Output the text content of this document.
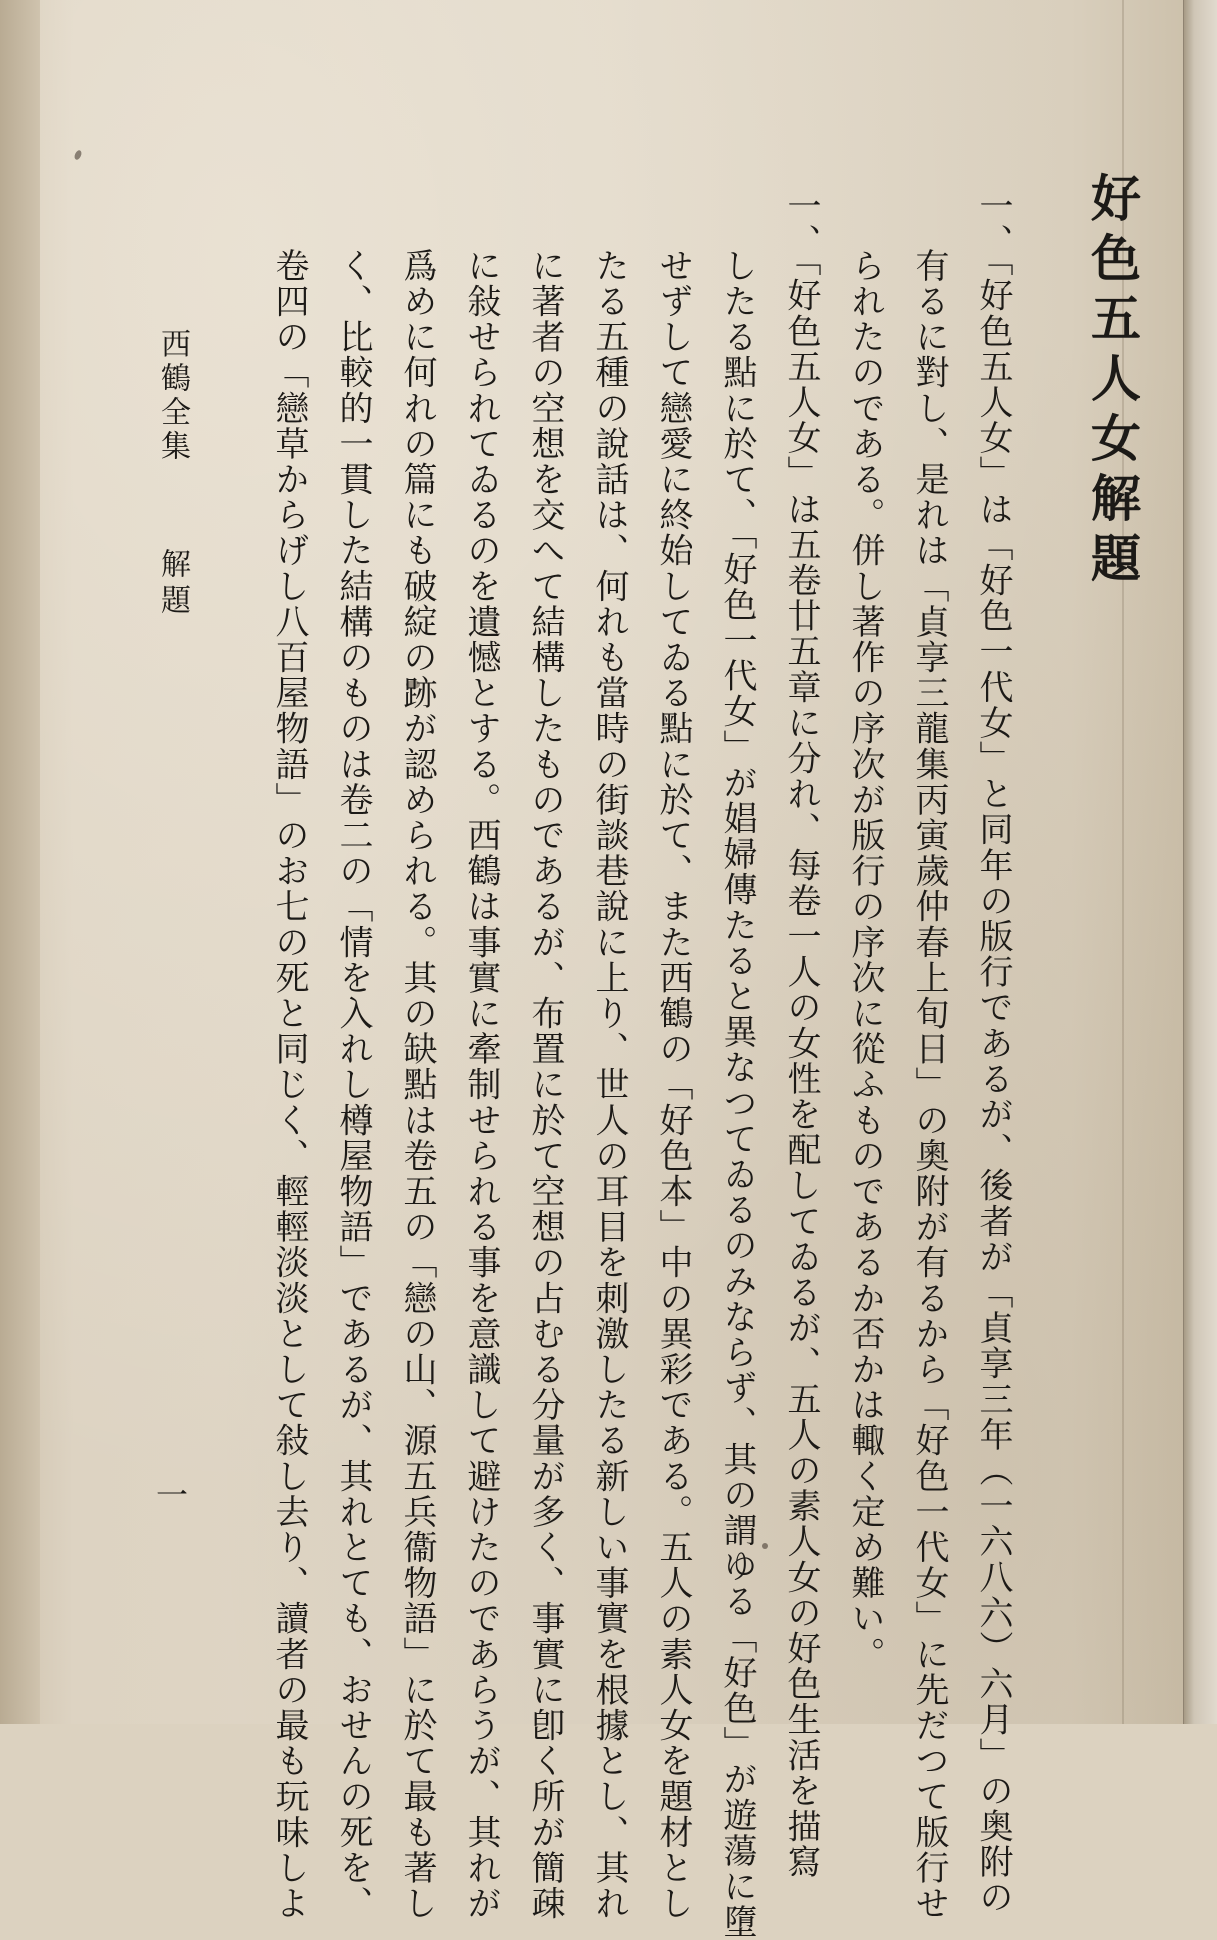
好色五人女解題

一、「好色五人女」は「好色一代女」と同年の版行であるが、後者が「貞享三年（一六八六）六月」の奥附の

有るに對し、是れは「貞享三龍集丙寅歲仲春上旬日」の奧附が有るから「好色一代女」に先だつて版行せ

られたのである。併し著作の序次が版行の序次に從ふものであるか否かは輙く定め難い。

一、「好色五人女」は五卷廿五章に分れ、每卷一人の女性を配してゐるが、五人の素人女の好色生活を描寫

したる點に於て、「好色一代女」が娼婦傳たると異なつてゐるのみならず、其の謂ゆる「好色」が遊蕩に墮

せずして戀愛に終始してゐる點に於て、また西鶴の「好色本」中の異彩である。五人の素人女を題材とし

たる五種の說話は、何れも當時の街談巷說に上り、世人の耳目を刺激したる新しい事實を根據とし、其れ

に著者の空想を交へて結構したものであるが、布置に於て空想の占むる分量が多く、事實に卽く所が簡疎

に敍せられてゐるのを遺憾とする。西鶴は事實に牽制せられる事を意識して避けたのであらうが、其れが

爲めに何れの篇にも破綻の跡が認められる。其の缺點は卷五の「戀の山、源五兵衞物語」に於て最も著し

く、比較的一貫した結構のものは卷二の「情を入れし樽屋物語」であるが、其れとても、おせんの死を、

卷四の「戀草からげし八百屋物語」のお七の死と同じく、輕輕淡淡として敍し去り、讀者の最も玩味しよ

西鶴全集
解題
一
